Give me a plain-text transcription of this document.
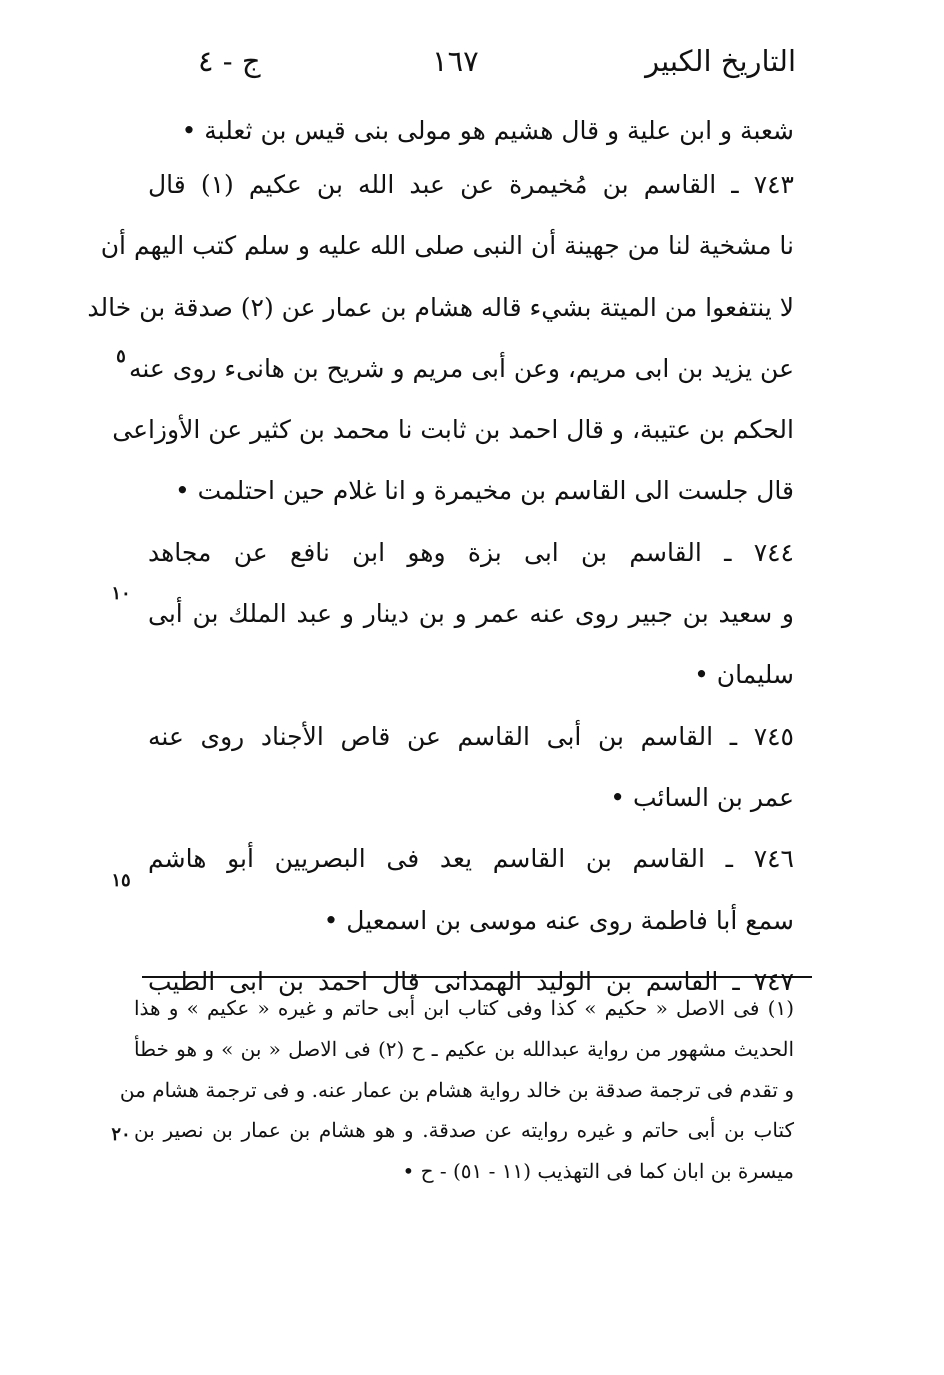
التاريخ الكبير
١٦٧
ج - ٤
شعبة و ابن علية و قال هشيم هو مولى بنى قيس بن ثعلبة •
٧٤٣ ـ القاسم بن مُخيمرة عن عبد الله بن عكيم (١) قال
نا مشخية لنا من جهينة أن النبى صلى الله عليه و سلم كتب اليهم أن
لا ينتفعوا من الميتة بشيء قاله هشام بن عمار عن (٢) صدقة بن خالد
عن يزيد بن ابى مريم، وعن أبى مريم و شريح بن هانىء روى عنه
الحكم بن عتيبة، و قال احمد بن ثابت نا محمد بن كثير عن الأوزاعى
قال جلست الى القاسم بن مخيمرة و انا غلام حين احتلمت •
٧٤٤ ـ القاسم بن ابى بزة وهو ابن نافع عن مجاهد
و سعيد بن جبير روى عنه عمر و بن دينار و عبد الملك بن أبى
سليمان •
٧٤٥ ـ القاسم بن أبى القاسم عن قاص الأجناد روى عنه
عمر بن السائب •
٧٤٦ ـ القاسم بن القاسم يعد فى البصريين أبو هاشم
سمع أبا فاطمة روى عنه موسى بن اسمعيل •
٧٤٧ ـ القاسم بن الوليد الهمدانى قال احمد بن ابى الطيب
٥
١٠
١٥
٢٠
(١) فى الاصل « حكيم » كذا وفى كتاب ابن أبى حاتم و غيره « عكيم » و هذا
الحديث مشهور من رواية عبدالله بن عكيم ـ ح (٢) فى الاصل « بن » و هو خطأ
و تقدم فى ترجمة صدقة بن خالد رواية هشام بن عمار عنه. و فى ترجمة هشام من
كتاب بن أبى حاتم و غيره روايته عن صدقة. و هو هشام بن عمار بن نصير بن
ميسرة بن ابان كما فى التهذيب (١١ - ٥١) - ح •
